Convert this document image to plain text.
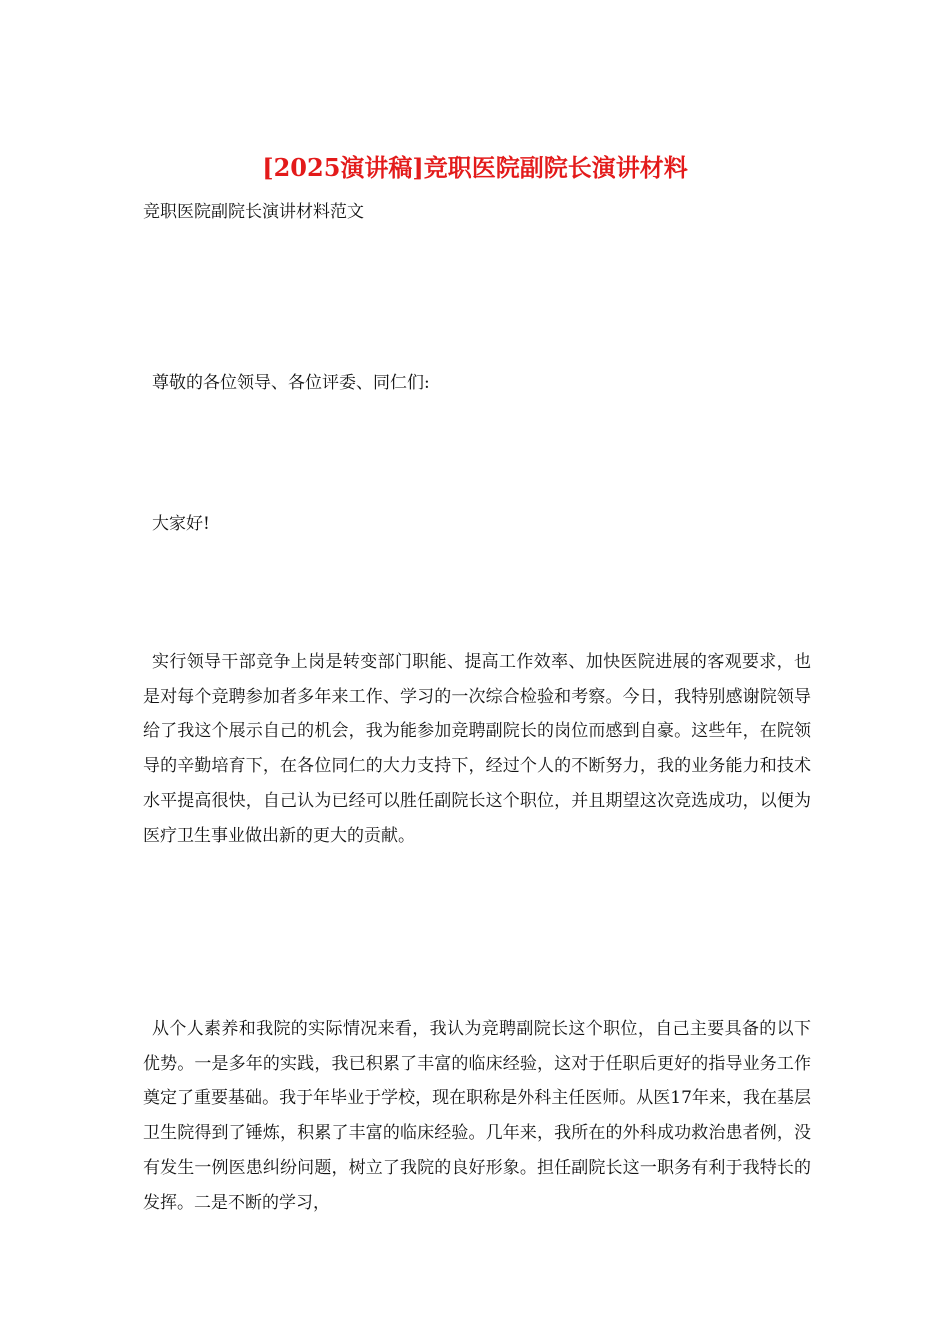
[2025演讲稿]竞职医院副院长演讲材料
竞职医院副院长演讲材料范文

尊敬的各位领导、各位评委、同仁们:

大家好!

实行领导干部竞争上岗是转变部门职能、提高工作效率、加快医院进展的客观要求，也是对每个竞聘参加者多年来工作、学习的一次综合检验和考察。今日，我特别感谢院领导给了我这个展示自己的机会，我为能参加竞聘副院长的岗位而感到自豪。这些年，在院领导的辛勤培育下，在各位同仁的大力支持下，经过个人的不断努力，我的业务能力和技术水平提高很快，自己认为已经可以胜任副院长这个职位，并且期望这次竞选成功，以便为医疗卫生事业做出新的更大的贡献。

从个人素养和我院的实际情况来看，我认为竞聘副院长这个职位，自己主要具备的以下优势。一是多年的实践，我已积累了丰富的临床经验，这对于任职后更好的指导业务工作奠定了重要基础。我于年毕业于学校，现在职称是外科主任医师。从医17年来，我在基层卫生院得到了锤炼，积累了丰富的临床经验。几年来，我所在的外科成功救治患者例，没有发生一例医患纠纷问题，树立了我院的良好形象。担任副院长这一职务有利于我特长的发挥。二是不断的学习，
